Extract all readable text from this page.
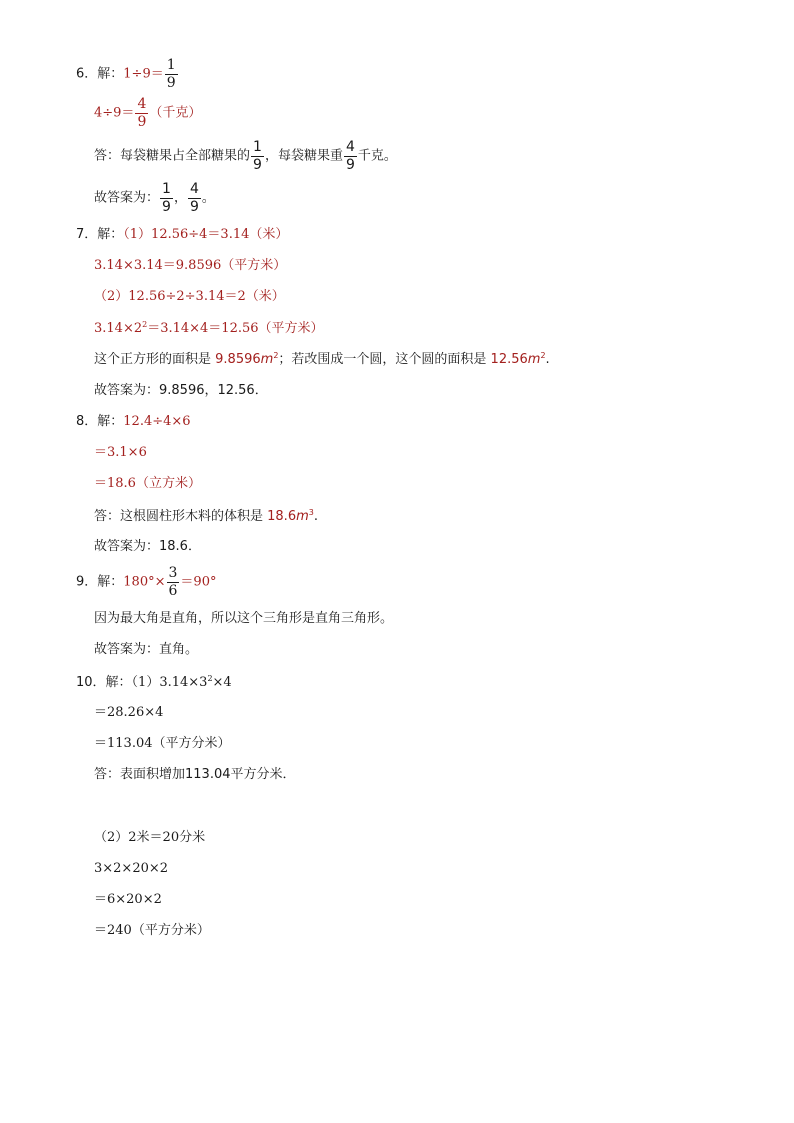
6．解：$1\div 9= \frac{1}{9}$
$4\div 9= \frac{4}{9}$ （千克）
答：每袋糖果占全部糖果的 $\frac{1}{9}$ ，每袋糖果重 $\frac{4}{9}$ 千克。
故答案为： $\frac{1}{9}$ ， $\frac{4}{9}$ 。
7．解：（1）12.56÷4＝3.14（米）
3.14×3.14＝9.8596（平方米）
（2）12.56÷2÷3.14＝2（米）
$3.14\times 2^2=3.14\times 4=12.56$（平方米）
这个正方形的面积是 $9.8596m^2$；若改围成一个圆，这个圆的面积是 $12.56m^2$.
故答案为：9.8596，12.56．
8．解：12.4÷4×6
＝3.1×6
＝18.6（立方米）
答：这根圆柱形木料的体积是 $18.6m^3$.
故答案为：18.6．
9．解：$180^\circ\times \frac{3}{6} =90^\circ$
因为最大角是直角，所以这个三角形是直角三角形。
故答案为：直角。
10．解：$(1)3.14\times 3^2\times 4$
＝28.26×4
＝113.04（平方分米）
答：表面积增加113.04平方分米．
（2）2米＝20分米
3×2×20×2
＝6×20×2
＝240（平方分米）
